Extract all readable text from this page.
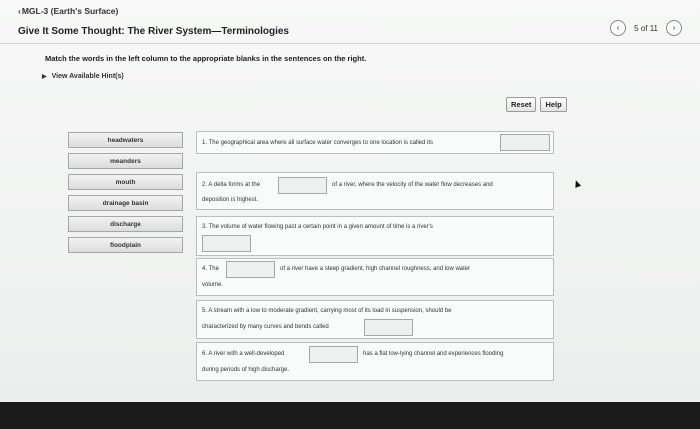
‹MGL-3 (Earth's Surface)
Give It Some Thought: The River System—Terminologies	‹ 5 of 11 ›
Match the words in the left column to the appropriate blanks in the sentences on the right.
▶ View Available Hint(s)
Reset	Help
headwaters
meanders
mouth
drainage basin
discharge
floodplain
1. The geographical area where all surface water converges to one location is called its
2. A delta forms at the	of a river, where the velocity of the water flow decreases and
deposition is highest.
3. The volume of water flowing past a certain point in a given amount of time is a river's
4. The	of a river have a steep gradient, high channel roughness, and low water
volume.
5. A stream with a low to moderate gradient, carrying most of its load in suspension, should be
characterized by many curves and bends called
6. A river with a well-developed	has a flat low-lying channel and experiences flooding
during periods of high discharge.
